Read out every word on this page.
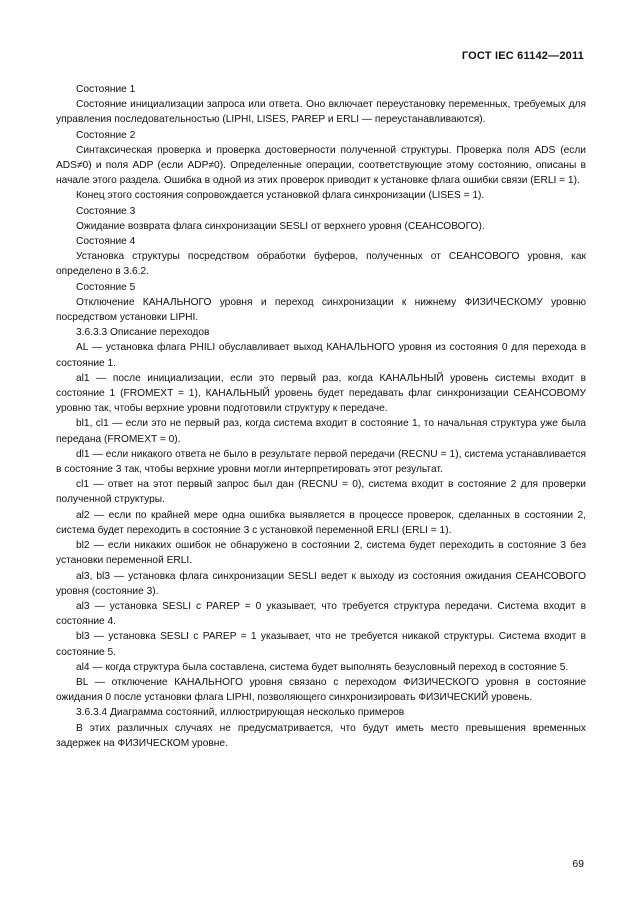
ГОСТ IEC 61142—2011

Состояние 1

Состояние инициализации запроса или ответа. Оно включает переустановку переменных, требуемых для управления последовательностью (LIPHI, LISES, PAREP и ERLI — переустанавливаются).

Состояние 2

Синтаксическая проверка и проверка достоверности полученной структуры. Проверка поля ADS (если ADS≠0) и поля ADP (если ADP≠0). Определенные операции, соответствующие этому состоянию, описаны в начале этого раздела. Ошибка в одной из этих проверок приводит к установке флага ошибки связи (ERLI = 1).

Конец этого состояния сопровождается установкой флага синхронизации (LISES = 1).

Состояние 3

Ожидание возврата флага синхронизации SESLI от верхнего уровня (СЕАНСОВОГО).

Состояние 4

Установка структуры посредством обработки буферов, полученных от СЕАНСОВОГО уровня, как определено в 3.6.2.

Состояние 5

Отключение КАНАЛЬНОГО уровня и переход синхронизации к нижнему ФИЗИЧЕСКОМУ уровню посредством установки LIPHI.

3.6.3.3 Описание переходов

AL — установка флага PHILI обуславливает выход КАНАЛЬНОГО уровня из состояния 0 для перехода в состояние 1.

al1 — после инициализации, если это первый раз, когда КАНАЛЬНЫЙ уровень системы входит в состояние 1 (FROMEXT = 1), КАНАЛЬНЫЙ уровень будет передавать флаг синхронизации СЕАНСОВОМУ уровню так, чтобы верхние уровни подготовили структуру к передаче.

bl1, cl1 — если это не первый раз, когда система входит в состояние 1, то начальная структура уже была передана (FROMEXT = 0).

dl1 — если никакого ответа не было в результате первой передачи (RECNU = 1), система устанавливается в состояние 3 так, чтобы верхние уровни могли интерпретировать этот результат.

cl1 — ответ на этот первый запрос был дан (RECNU = 0), система входит в состояние 2 для проверки полученной структуры.

al2 — если по крайней мере одна ошибка выявляется в процессе проверок, сделанных в состоянии 2, система будет переходить в состояние 3 с установкой переменной ERLI (ERLI = 1).

bl2 — если никаких ошибок не обнаружено в состоянии 2, система будет переходить в состояние 3 без установки переменной ERLI.

al3, bl3 — установка флага синхронизации SESLI ведет к выходу из состояния ожидания СЕАНСОВОГО уровня (состояние 3).

al3 — установка SESLI с PAREP = 0 указывает, что требуется структура передачи. Система входит в состояние 4.

bl3 — установка SESLI с PAREP = 1 указывает, что не требуется никакой структуры. Система входит в состояние 5.

al4 — когда структура была составлена, система будет выполнять безусловный переход в состояние 5.

BL — отключение КАНАЛЬНОГО уровня связано с переходом ФИЗИЧЕСКОГО уровня в состояние ожидания 0 после установки флага LIPHI, позволяющего синхронизировать ФИЗИЧЕСКИЙ уровень.

3.6.3.4 Диаграмма состояний, иллюстрирующая несколько примеров

В этих различных случаях не предусматривается, что будут иметь место превышения временных задержек на ФИЗИЧЕСКОМ уровне.

69
